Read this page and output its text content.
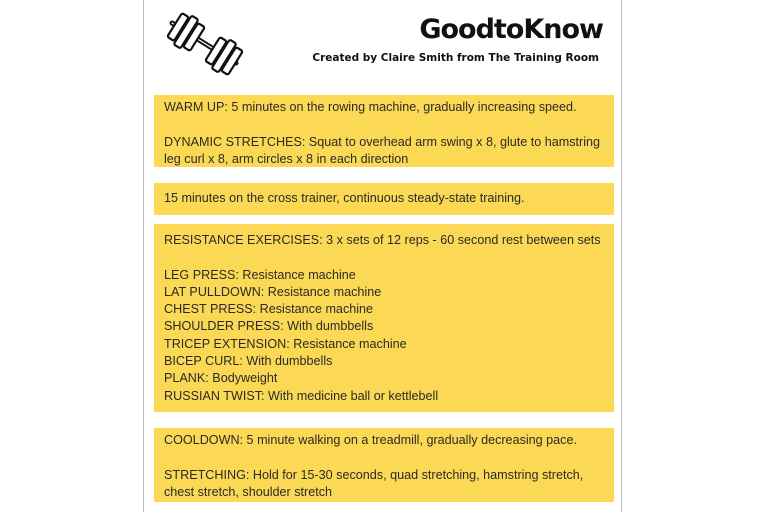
GoodtoKnow
Created by Claire Smith from The Training Room

WARM UP: 5 minutes on the rowing machine, gradually increasing speed.

DYNAMIC STRETCHES: Squat to overhead arm swing x 8, glute to hamstring

leg curl x 8, arm circles x 8 in each direction

15 minutes on the cross trainer, continuous steady-state training.

RESISTANCE EXERCISES: 3 x sets of 12 reps - 60 second rest between sets

LEG PRESS: Resistance machine

LAT PULLDOWN: Resistance machine

CHEST PRESS: Resistance machine

SHOULDER PRESS: With dumbbells

TRICEP EXTENSION: Resistance machine

BICEP CURL: With dumbbells

PLANK: Bodyweight

RUSSIAN TWIST: With medicine ball or kettlebell

COOLDOWN: 5 minute walking on a treadmill, gradually decreasing pace.

STRETCHING: Hold for 15-30 seconds, quad stretching, hamstring stretch,

chest stretch, shoulder stretch
